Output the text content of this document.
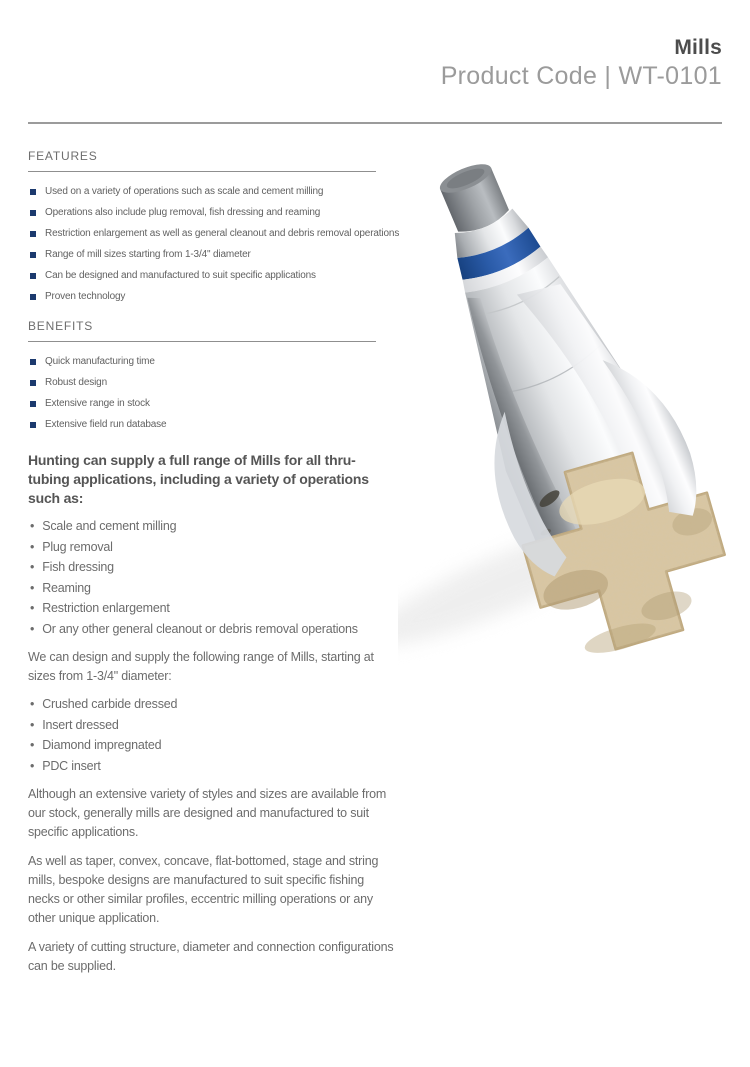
Mills
Product Code | WT-0101
FEATURES
Used on a variety of operations such as scale and cement milling
Operations also include plug removal, fish dressing and reaming
Restriction enlargement as well as general cleanout and debris removal operations
Range of mill sizes starting from 1-3/4" diameter
Can be designed and manufactured to suit specific applications
Proven technology
BENEFITS
Quick manufacturing time
Robust design
Extensive range in stock
Extensive field run database

Hunting can supply a full range of Mills for all thru-tubing applications, including a variety of operations such as:

• Scale and cement milling
• Plug removal
• Fish dressing
• Reaming
• Restriction enlargement
• Or any other general cleanout or debris removal operations

We can design and supply the following range of Mills, starting at sizes from 1-3/4" diameter:

• Crushed carbide dressed
• Insert dressed
• Diamond impregnated
• PDC insert

Although an extensive variety of styles and sizes are available from our stock, generally mills are designed and manufactured to suit specific applications.

As well as taper, convex, concave, flat-bottomed, stage and string mills, bespoke designs are manufactured to suit specific fishing necks or other similar profiles, eccentric milling operations or any other unique application.

A variety of cutting structure, diameter and connection configurations can be supplied.
